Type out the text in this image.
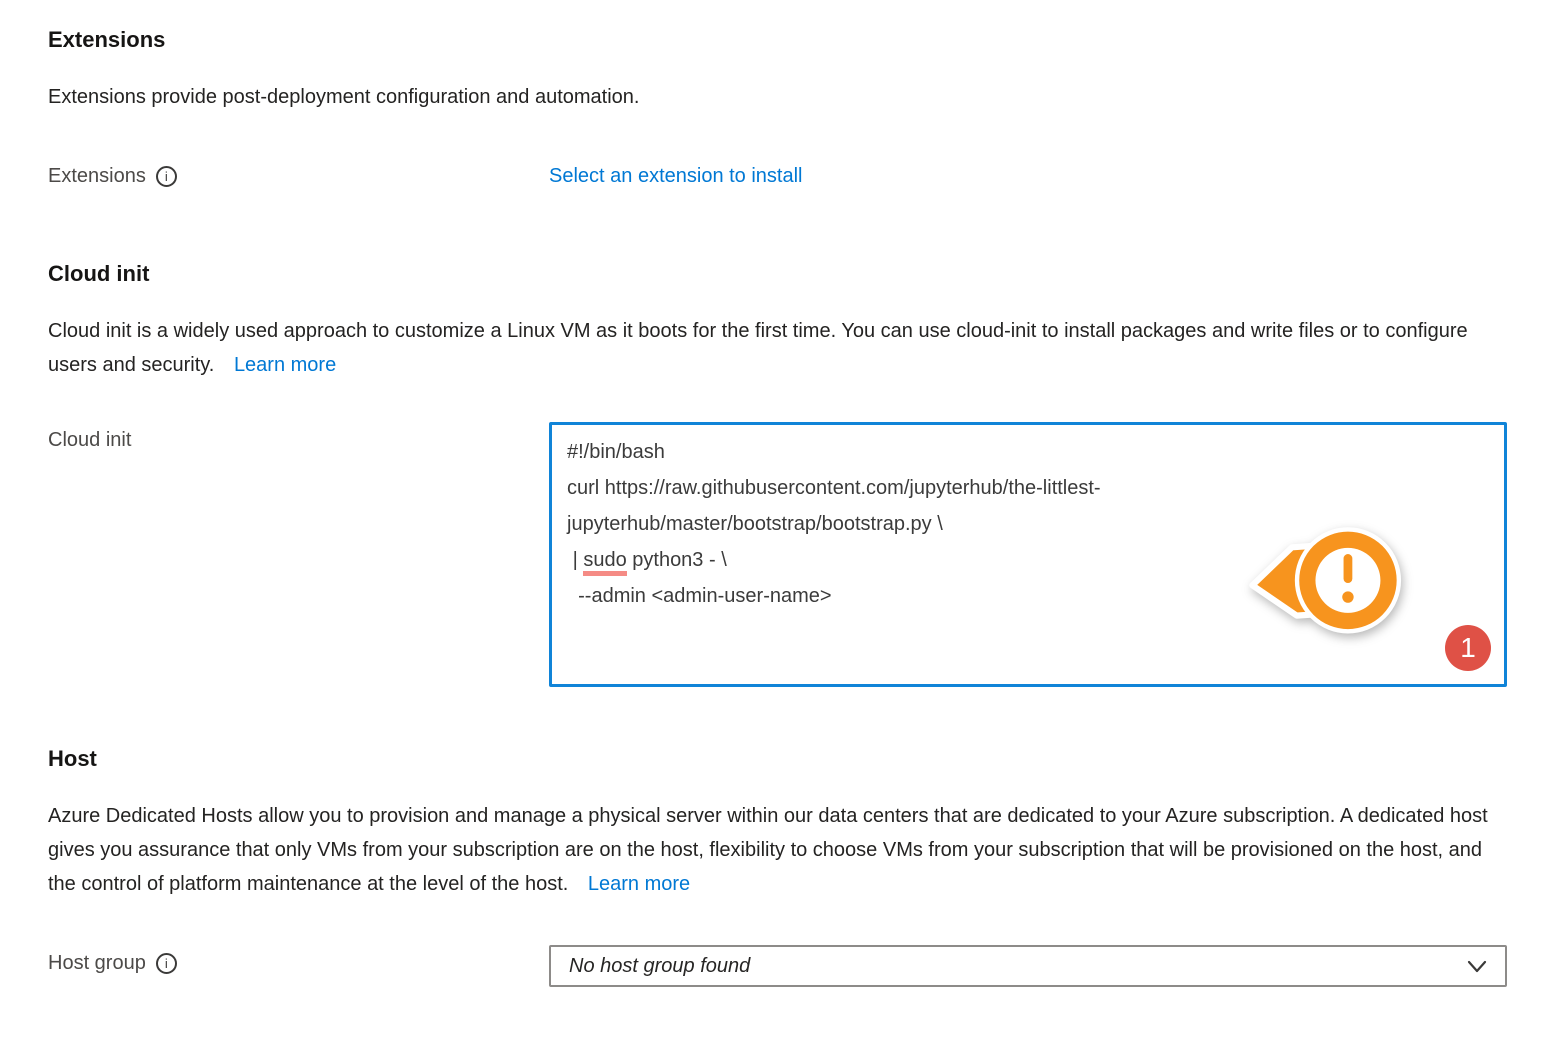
Extensions

Extensions provide post-deployment configuration and automation.

Extensions	i	Select an extension to install
Cloud init

Cloud init is a widely used approach to customize a Linux VM as it boots for the first time. You can use cloud-init to install packages and write files or to configure users and security. Learn more

Cloud init
#!/bin/bash
curl https://raw.githubusercontent.com/jupyterhub/the-littlest-
jupyterhub/master/bootstrap/bootstrap.py \
| sudo python3 - \
--admin <admin-user-name>
1
Host

Azure Dedicated Hosts allow you to provision and manage a physical server within our data centers that are dedicated to your Azure subscription. A dedicated host gives you assurance that only VMs from your subscription are on the host, flexibility to choose VMs from your subscription that will be provisioned on the host, and the control of platform maintenance at the level of the host. Learn more

Host group	i	No host group found
